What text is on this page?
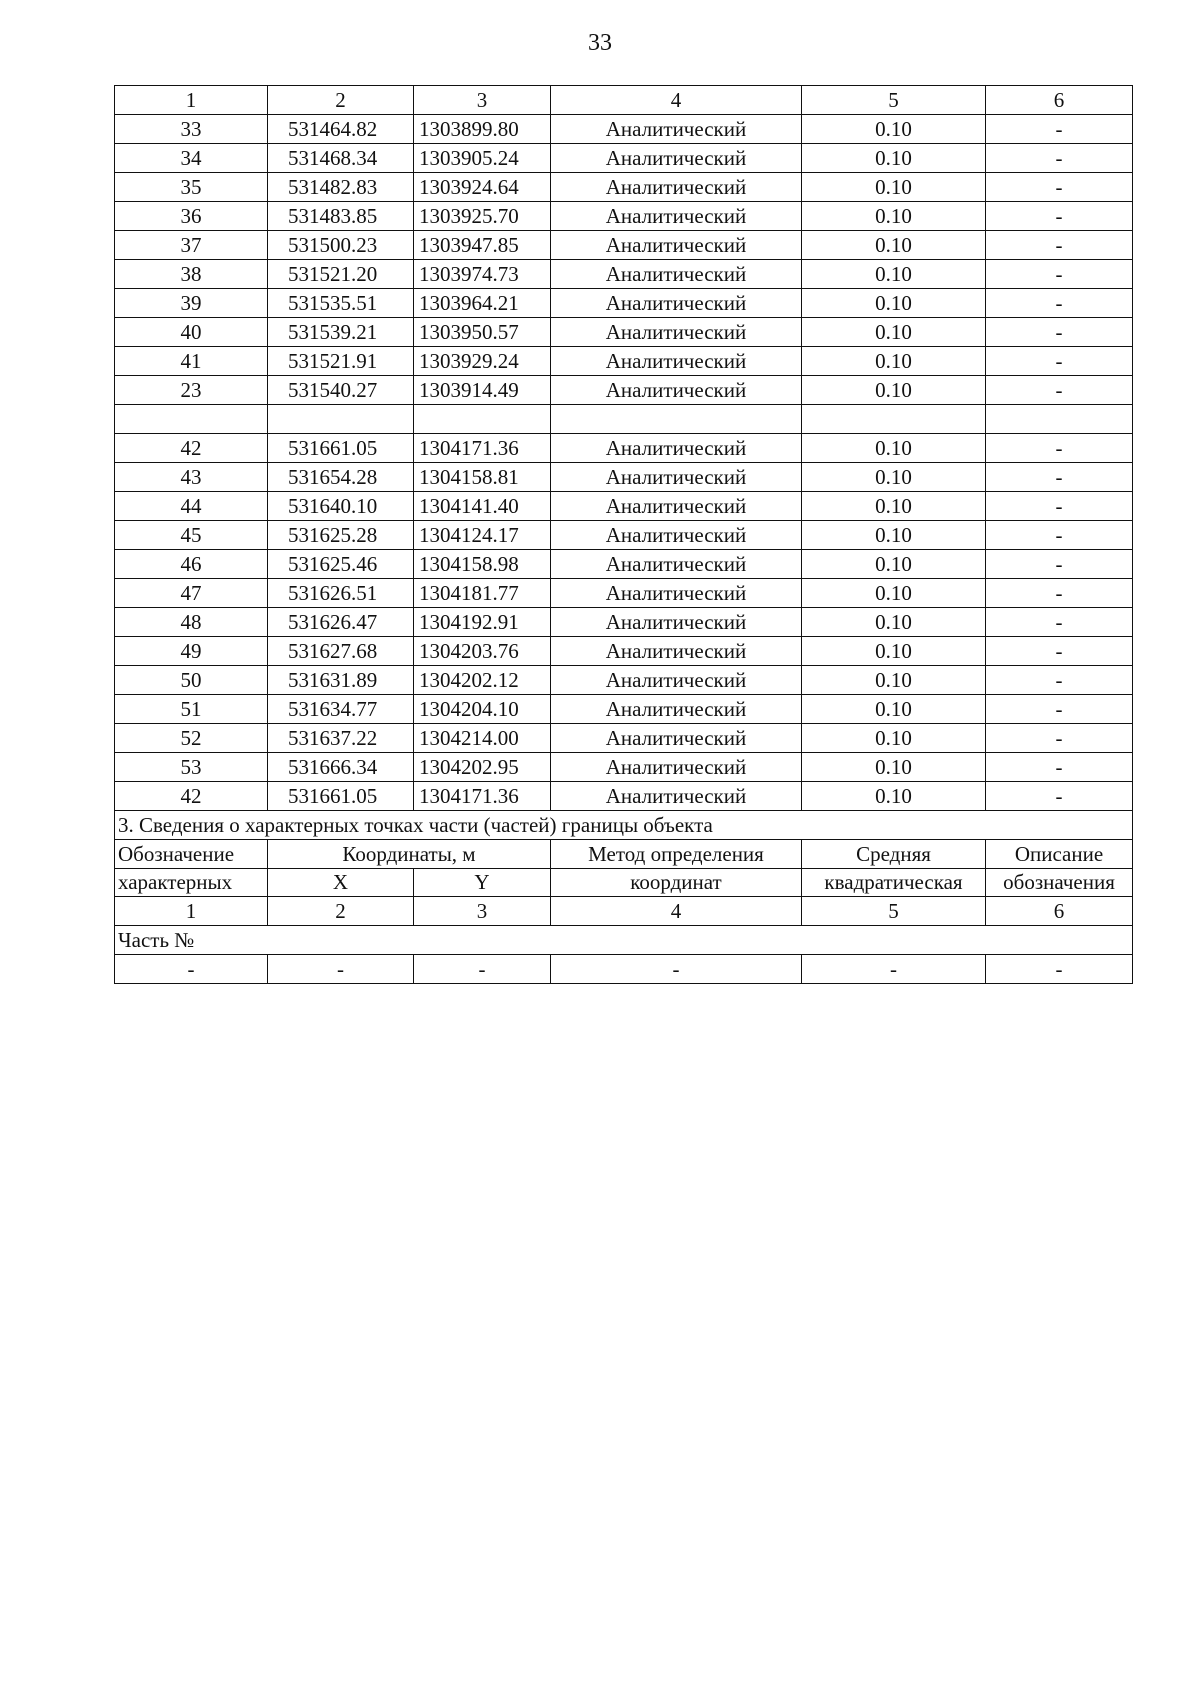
33
1	2	3	4	5	6
33	531464.82	1303899.80	Аналитический	0.10	-
34	531468.34	1303905.24	Аналитический	0.10	-
35	531482.83	1303924.64	Аналитический	0.10	-
36	531483.85	1303925.70	Аналитический	0.10	-
37	531500.23	1303947.85	Аналитический	0.10	-
38	531521.20	1303974.73	Аналитический	0.10	-
39	531535.51	1303964.21	Аналитический	0.10	-
40	531539.21	1303950.57	Аналитический	0.10	-
41	531521.91	1303929.24	Аналитический	0.10	-
23	531540.27	1303914.49	Аналитический	0.10	-

42	531661.05	1304171.36	Аналитический	0.10	-
43	531654.28	1304158.81	Аналитический	0.10	-
44	531640.10	1304141.40	Аналитический	0.10	-
45	531625.28	1304124.17	Аналитический	0.10	-
46	531625.46	1304158.98	Аналитический	0.10	-
47	531626.51	1304181.77	Аналитический	0.10	-
48	531626.47	1304192.91	Аналитический	0.10	-
49	531627.68	1304203.76	Аналитический	0.10	-
50	531631.89	1304202.12	Аналитический	0.10	-
51	531634.77	1304204.10	Аналитический	0.10	-
52	531637.22	1304214.00	Аналитический	0.10	-
53	531666.34	1304202.95	Аналитический	0.10	-
42	531661.05	1304171.36	Аналитический	0.10	-
3. Сведения о характерных точках части (частей) границы объекта					
Обозначение	Координаты, м		Метод определения	Средняя	Описание
характерных	X	Y	координат	квадратическая	обозначения
1	2	3	4	5	6
Часть №					
-	-	-	-	-	-
